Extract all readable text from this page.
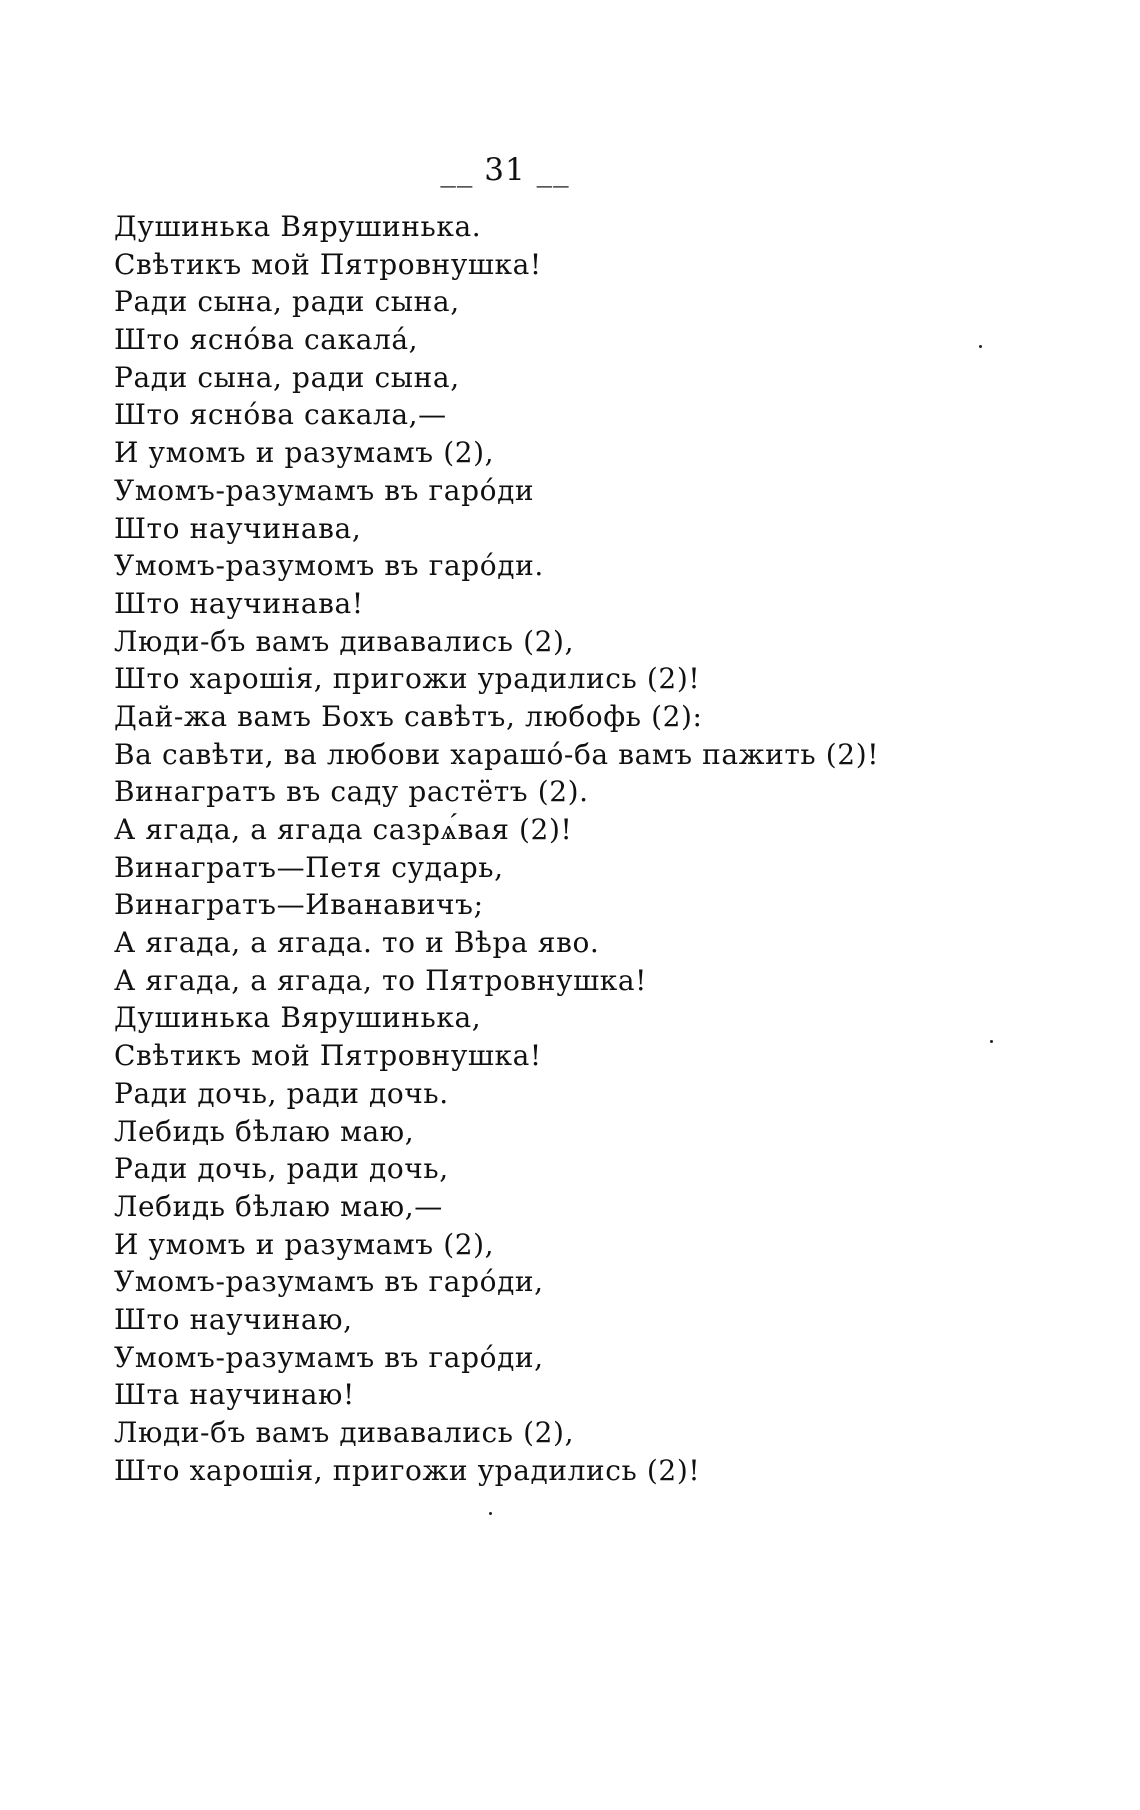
__ 31 __
Душинька Вярушинька.
Свѣтикъ мой Пятровнушка!
Ради сына, ради сына,
Што яснóва сакалá,
Ради сына, ради сына,
Што яснóва сакала,—
И умомъ и разумамъ (2),
Умомъ-разумамъ въ гарóди
Што научинава,
Умомъ-разумомъ въ гарóди.
Што научинава!
Люди-бъ вамъ дивавались (2),
Што харошія, пригожи урадились (2)!
Дай-жа вамъ Бохъ савѣтъ, любофь (2):
Ва савѣти, ва любови харашó-ба вамъ пажить (2)!
Винагратъ въ саду растётъ (2).
А ягада, а ягада сазрѧ́вая (2)!
Винагратъ—Петя сударь,
Винагратъ—Иванавичъ;
А ягада, а ягада. то и Вѣра яво.
А ягада, а ягада, то Пятровнушка!
Душинька Вярушинька,
Свѣтикъ мой Пятровнушка!
Ради дочь, ради дочь.
Лебидь бѣлаю маю,
Ради дочь, ради дочь,
Лебидь бѣлаю маю,—
И умомъ и разумамъ (2),
Умомъ-разумамъ въ гарóди,
Што научинаю,
Умомъ-разумамъ въ гарóди,
Шта научинаю!
Люди-бъ вамъ дивавались (2),
Што харошія, пригожи урадились (2)!
